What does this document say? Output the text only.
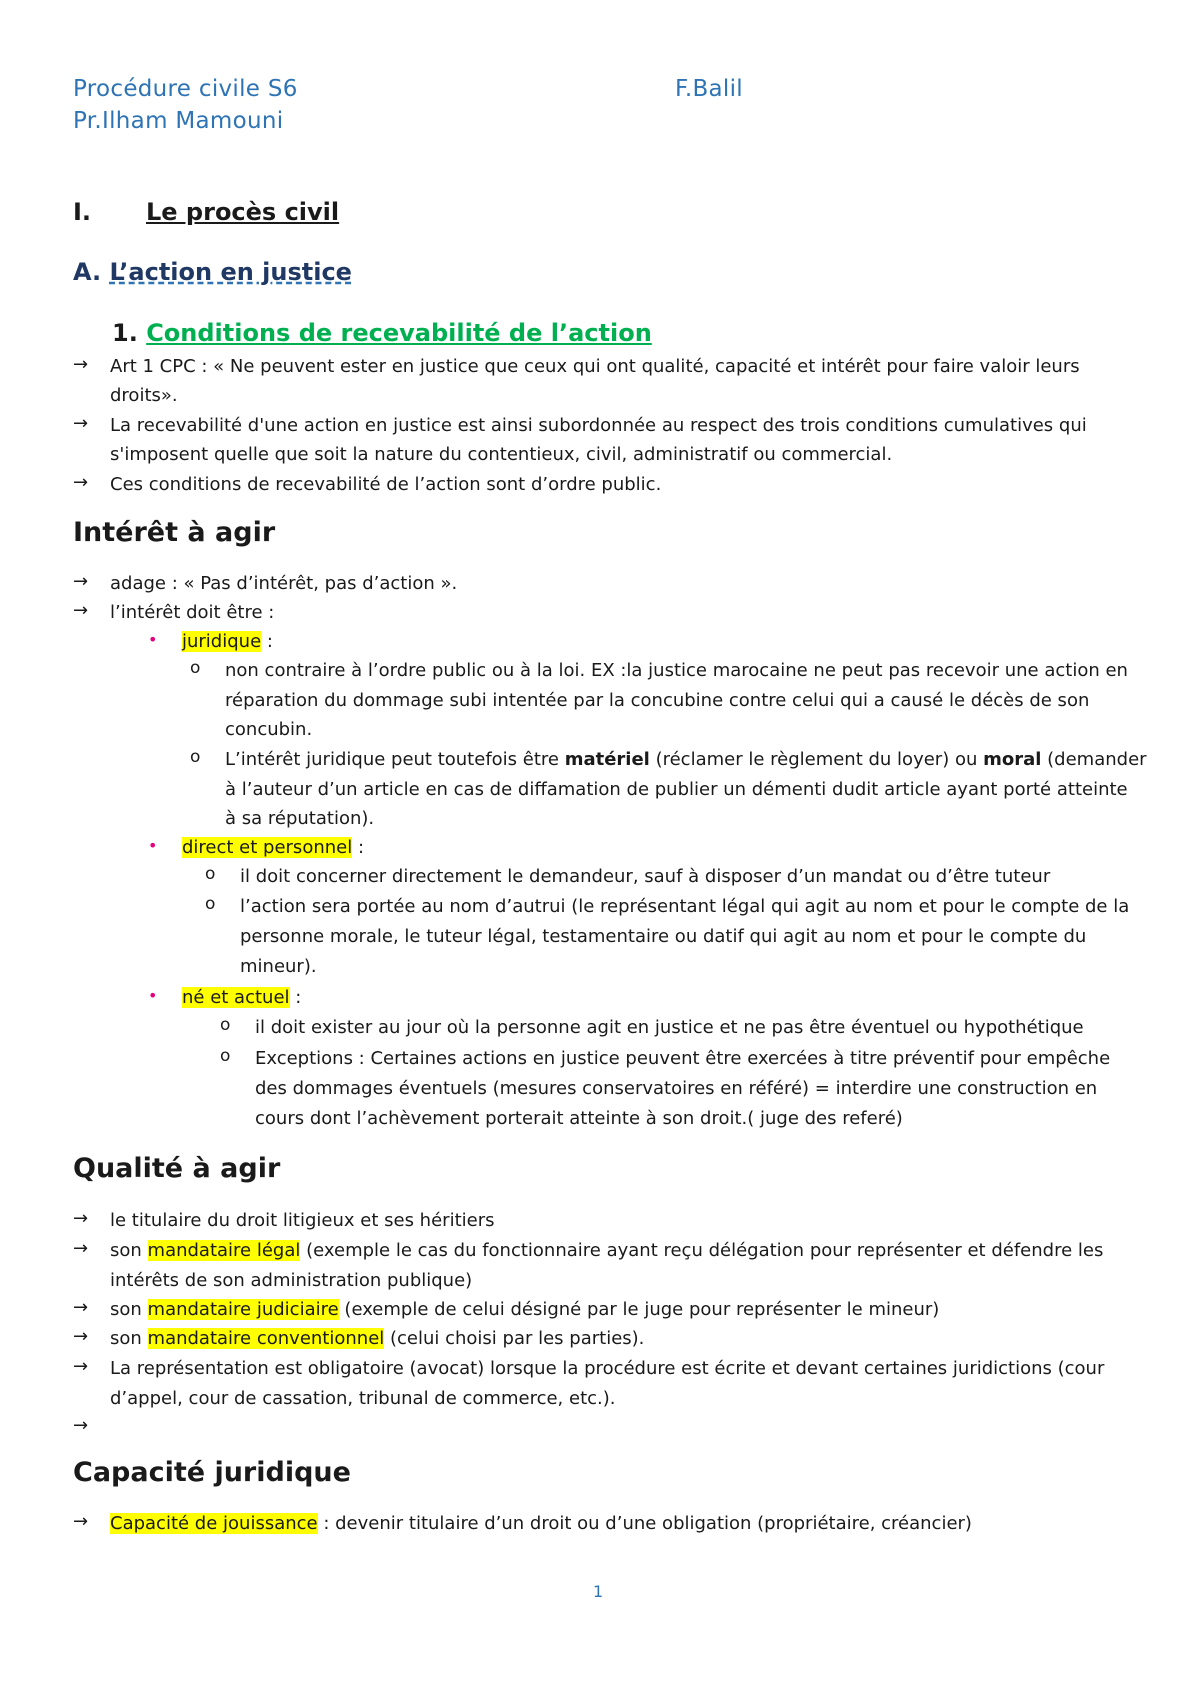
Procédure civile S6	F.Balil
Pr.Ilham Mamouni
I. Le procès civil
A. L’action en justice
1. Conditions de recevabilité de l’action
→ Art 1 CPC : « Ne peuvent ester en justice que ceux qui ont qualité, capacité et intérêt pour faire valoir leurs
droits».
→ La recevabilité d'une action en justice est ainsi subordonnée au respect des trois conditions cumulatives qui
s'imposent quelle que soit la nature du contentieux, civil, administratif ou commercial.
→ Ces conditions de recevabilité de l’action sont d’ordre public.
Intérêt à agir
→ adage : « Pas d’intérêt, pas d’action ».
→ l’intérêt doit être :
• juridique :
o non contraire à l’ordre public ou à la loi. EX :la justice marocaine ne peut pas recevoir une action en
réparation du dommage subi intentée par la concubine contre celui qui a causé le décès de son
concubin.
o L’intérêt juridique peut toutefois être matériel (réclamer le règlement du loyer) ou moral (demander
à l’auteur d’un article en cas de diffamation de publier un démenti dudit article ayant porté atteinte
à sa réputation).
• direct et personnel :
o il doit concerner directement le demandeur, sauf à disposer d’un mandat ou d’être tuteur
o l’action sera portée au nom d’autrui (le représentant légal qui agit au nom et pour le compte de la
personne morale, le tuteur légal, testamentaire ou datif qui agit au nom et pour le compte du
mineur).
• né et actuel :
o il doit exister au jour où la personne agit en justice et ne pas être éventuel ou hypothétique
o Exceptions : Certaines actions en justice peuvent être exercées à titre préventif pour empêche
des dommages éventuels (mesures conservatoires en référé) = interdire une construction en
cours dont l’achèvement porterait atteinte à son droit.( juge des referé)
Qualité à agir
→ le titulaire du droit litigieux et ses héritiers
→ son mandataire légal (exemple le cas du fonctionnaire ayant reçu délégation pour représenter et défendre les
intérêts de son administration publique)
→ son mandataire judiciaire (exemple de celui désigné par le juge pour représenter le mineur)
→ son mandataire conventionnel (celui choisi par les parties).
→ La représentation est obligatoire (avocat) lorsque la procédure est écrite et devant certaines juridictions (cour
d’appel, cour de cassation, tribunal de commerce, etc.).
→
Capacité juridique
→ Capacité de jouissance : devenir titulaire d’un droit ou d’une obligation (propriétaire, créancier)
1
